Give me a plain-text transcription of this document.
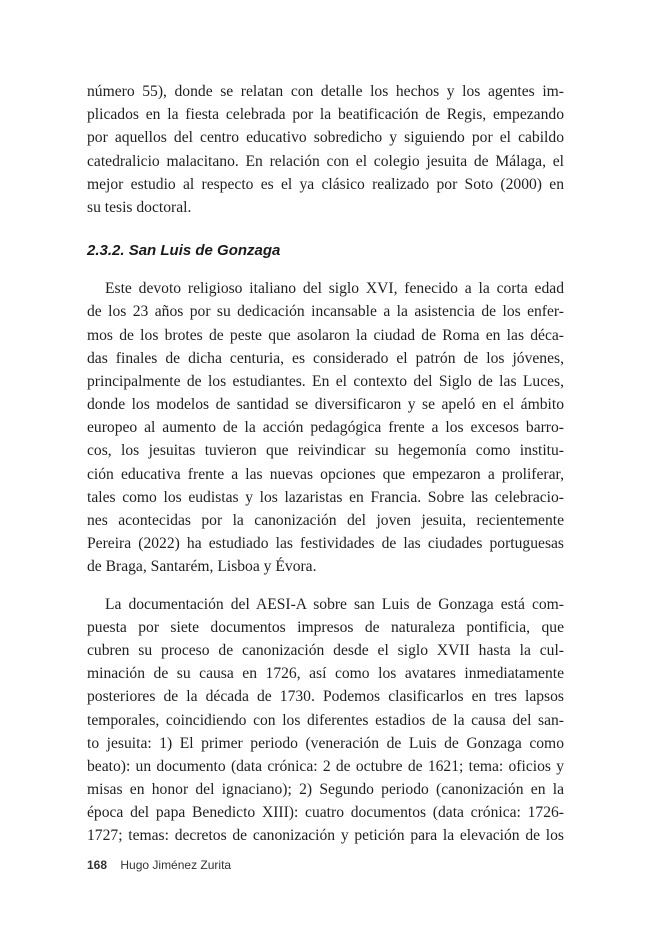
número 55), donde se relatan con detalle los hechos y los agentes im-
plicados en la fiesta celebrada por la beatificación de Regis, empezando
por aquellos del centro educativo sobredicho y siguiendo por el cabildo
catedralicio malacitano. En relación con el colegio jesuita de Málaga, el
mejor estudio al respecto es el ya clásico realizado por Soto (2000) en
su tesis doctoral.
2.3.2. San Luis de Gonzaga
Este devoto religioso italiano del siglo XVI, fenecido a la corta edad
de los 23 años por su dedicación incansable a la asistencia de los enfer-
mos de los brotes de peste que asolaron la ciudad de Roma en las déca-
das finales de dicha centuria, es considerado el patrón de los jóvenes,
principalmente de los estudiantes. En el contexto del Siglo de las Luces,
donde los modelos de santidad se diversificaron y se apeló en el ámbito
europeo al aumento de la acción pedagógica frente a los excesos barro-
cos, los jesuitas tuvieron que reivindicar su hegemonía como institu-
ción educativa frente a las nuevas opciones que empezaron a proliferar,
tales como los eudistas y los lazaristas en Francia. Sobre las celebracio-
nes acontecidas por la canonización del joven jesuita, recientemente
Pereira (2022) ha estudiado las festividades de las ciudades portuguesas
de Braga, Santarém, Lisboa y Évora.
La documentación del AESI-A sobre san Luis de Gonzaga está com-
puesta por siete documentos impresos de naturaleza pontificia, que
cubren su proceso de canonización desde el siglo XVII hasta la cul-
minación de su causa en 1726, así como los avatares inmediatamente
posteriores de la década de 1730. Podemos clasificarlos en tres lapsos
temporales, coincidiendo con los diferentes estadios de la causa del san-
to jesuita: 1) El primer periodo (veneración de Luis de Gonzaga como
beato): un documento (data crónica: 2 de octubre de 1621; tema: oficios y
misas en honor del ignaciano); 2) Segundo periodo (canonización en la
época del papa Benedicto XIII): cuatro documentos (data crónica: 1726-
1727; temas: decretos de canonización y petición para la elevación de los
168 Hugo Jiménez Zurita
